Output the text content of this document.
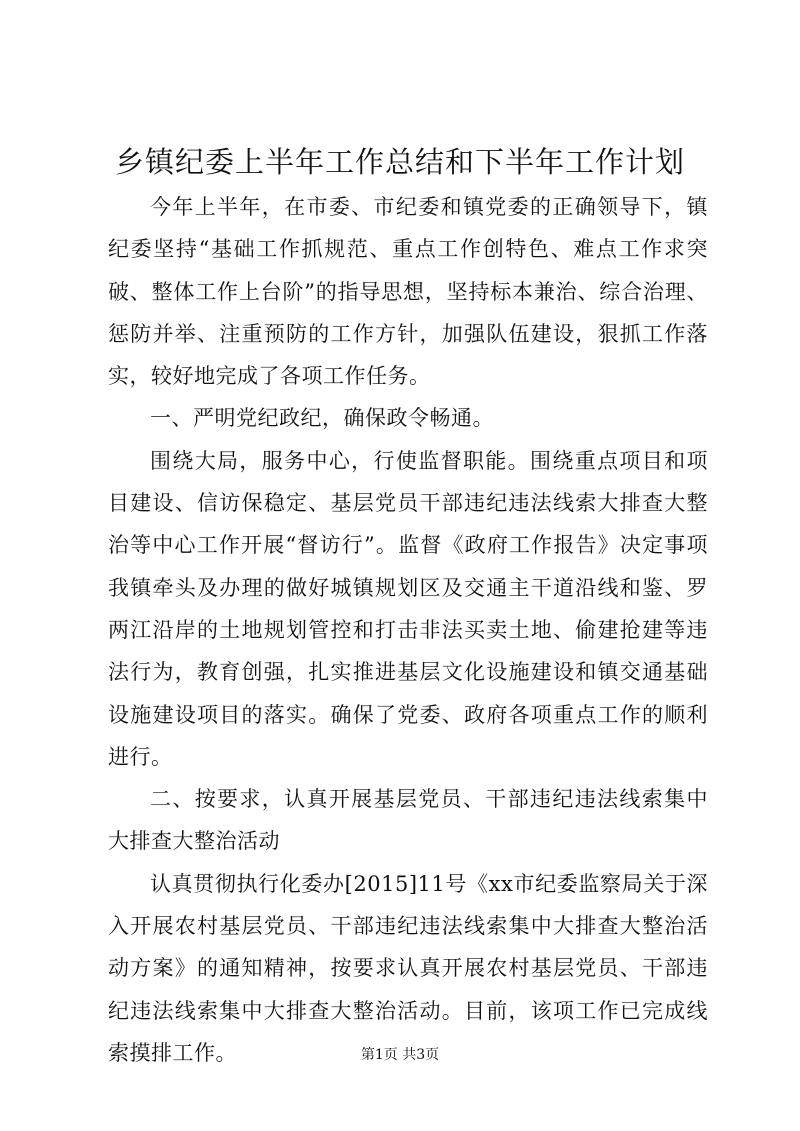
乡镇纪委上半年工作总结和下半年工作计划

今年上半年，在市委、市纪委和镇党委的正确领导下，镇纪委坚持“基础工作抓规范、重点工作创特色、难点工作求突破、整体工作上台阶”的指导思想，坚持标本兼治、综合治理、惩防并举、注重预防的工作方针，加强队伍建设，狠抓工作落实，较好地完成了各项工作任务。

一、严明党纪政纪，确保政令畅通。

围绕大局，服务中心，行使监督职能。围绕重点项目和项目建设、信访保稳定、基层党员干部违纪违法线索大排查大整治等中心工作开展“督访行”。监督《政府工作报告》决定事项我镇牵头及办理的做好城镇规划区及交通主干道沿线和鉴、罗两江沿岸的土地规划管控和打击非法买卖土地、偷建抢建等违法行为，教育创强，扎实推进基层文化设施建设和镇交通基础设施建设项目的落实。确保了党委、政府各项重点工作的顺利进行。

二、按要求，认真开展基层党员、干部违纪违法线索集中大排查大整治活动

认真贯彻执行化委办[2015]11号《xx市纪委监察局关于深入开展农村基层党员、干部违纪违法线索集中大排查大整治活动方案》的通知精神，按要求认真开展农村基层党员、干部违纪违法线索集中大排查大整治活动。目前，该项工作已完成线索摸排工作。	第1页 共3页
